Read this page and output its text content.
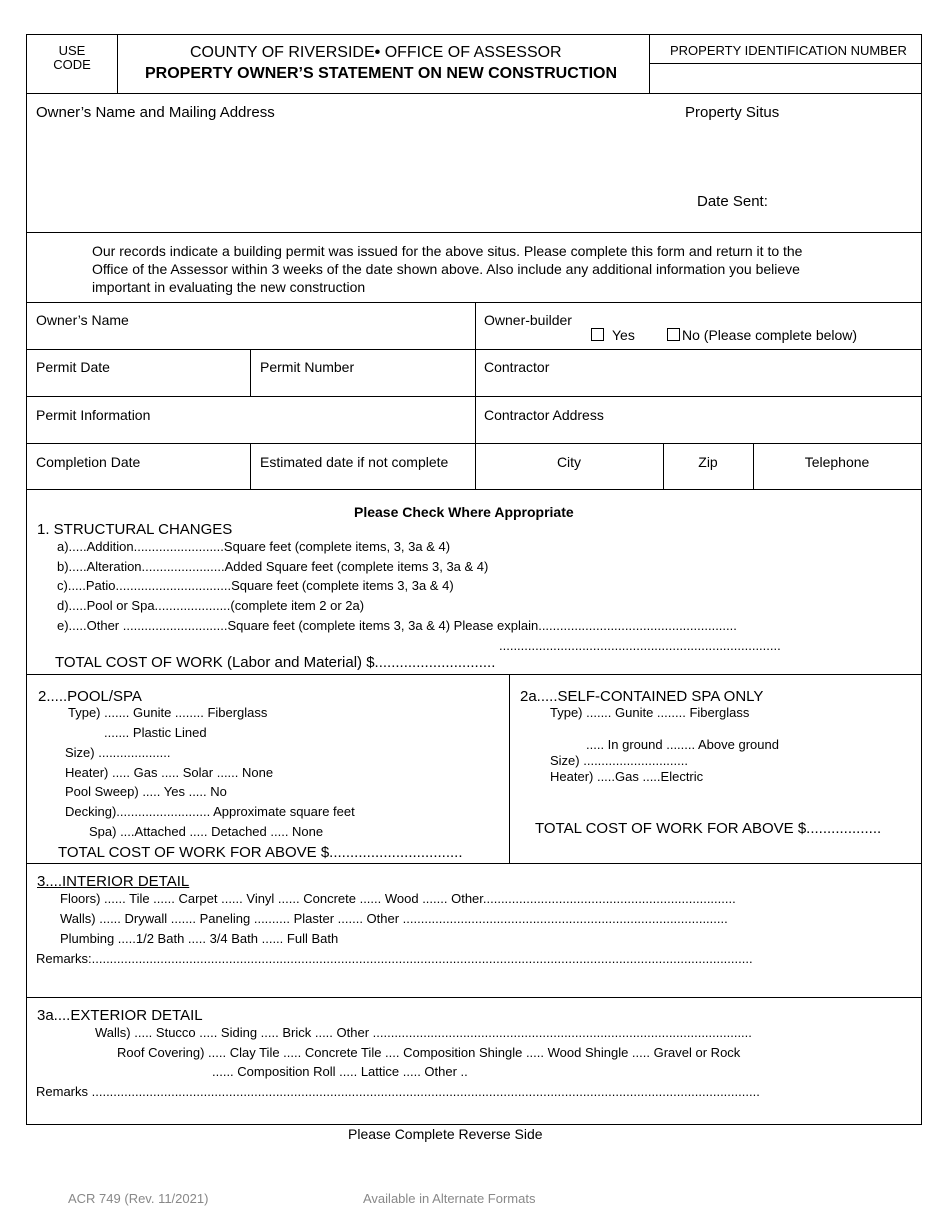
USE
CODE
COUNTY OF RIVERSIDE• OFFICE OF ASSESSOR
PROPERTY OWNER’S STATEMENT ON NEW CONSTRUCTION
PROPERTY IDENTIFICATION NUMBER
Owner’s Name and Mailing Address	Property Situs
Date Sent:
Our records indicate a building permit was issued for the above situs. Please complete this form and return it to the
Office of the Assessor within 3 weeks of the date shown above. Also include any additional information you believe
important in evaluating the new construction
Owner’s Name	Owner-builder
Yes	No (Please complete below)
Permit Date	Permit Number	Contractor
Permit Information	Contractor Address
Completion Date	Estimated date if not complete	City	Zip	Telephone
Please Check Where Appropriate
1. STRUCTURAL CHANGES
a).....Addition.........................Square feet (complete items, 3, 3a & 4)
b).....Alteration.......................Added Square feet (complete items 3, 3a & 4)
c).....Patio................................Square feet (complete items 3, 3a & 4)
d).....Pool or Spa.....................(complete item 2 or 2a)
e).....Other .............................Square feet (complete items 3, 3a & 4) Please explain.......................................................
..............................................................................
TOTAL COST OF WORK (Labor and Material) $.............................
2.....POOL/SPA
Type) ....... Gunite ........ Fiberglass
....... Plastic Lined
Size) ....................
Heater) ..... Gas ..... Solar ...... None
Pool Sweep) ..... Yes ..... No
Decking).......................... Approximate square feet
Spa) ....Attached ..... Detached ..... None
TOTAL COST OF WORK FOR ABOVE $................................
2a.....SELF-CONTAINED SPA ONLY
Type) ....... Gunite ........ Fiberglass
..... In ground ........ Above ground
Size) .............................
Heater) .....Gas .....Electric
TOTAL COST OF WORK FOR ABOVE $..................
3....INTERIOR DETAIL
Floors) ...... Tile ...... Carpet ...... Vinyl ...... Concrete ...... Wood ....... Other......................................................................
Walls) ...... Drywall ....... Paneling .......... Plaster ....... Other ..........................................................................................
Plumbing .....1/2 Bath ..... 3/4 Bath ...... Full Bath
Remarks:.......................................................................................................................................................................................
3a....EXTERIOR DETAIL
Walls) ..... Stucco ..... Siding ..... Brick ..... Other .........................................................................................................
Roof Covering) ..... Clay Tile ..... Concrete Tile .... Composition Shingle ..... Wood Shingle ..... Gravel or Rock
...... Composition Roll ..... Lattice ..... Other ..
Remarks .........................................................................................................................................................................................
Please Complete Reverse Side
ACR 749 (Rev. 11/2021)	Available in Alternate Formats
